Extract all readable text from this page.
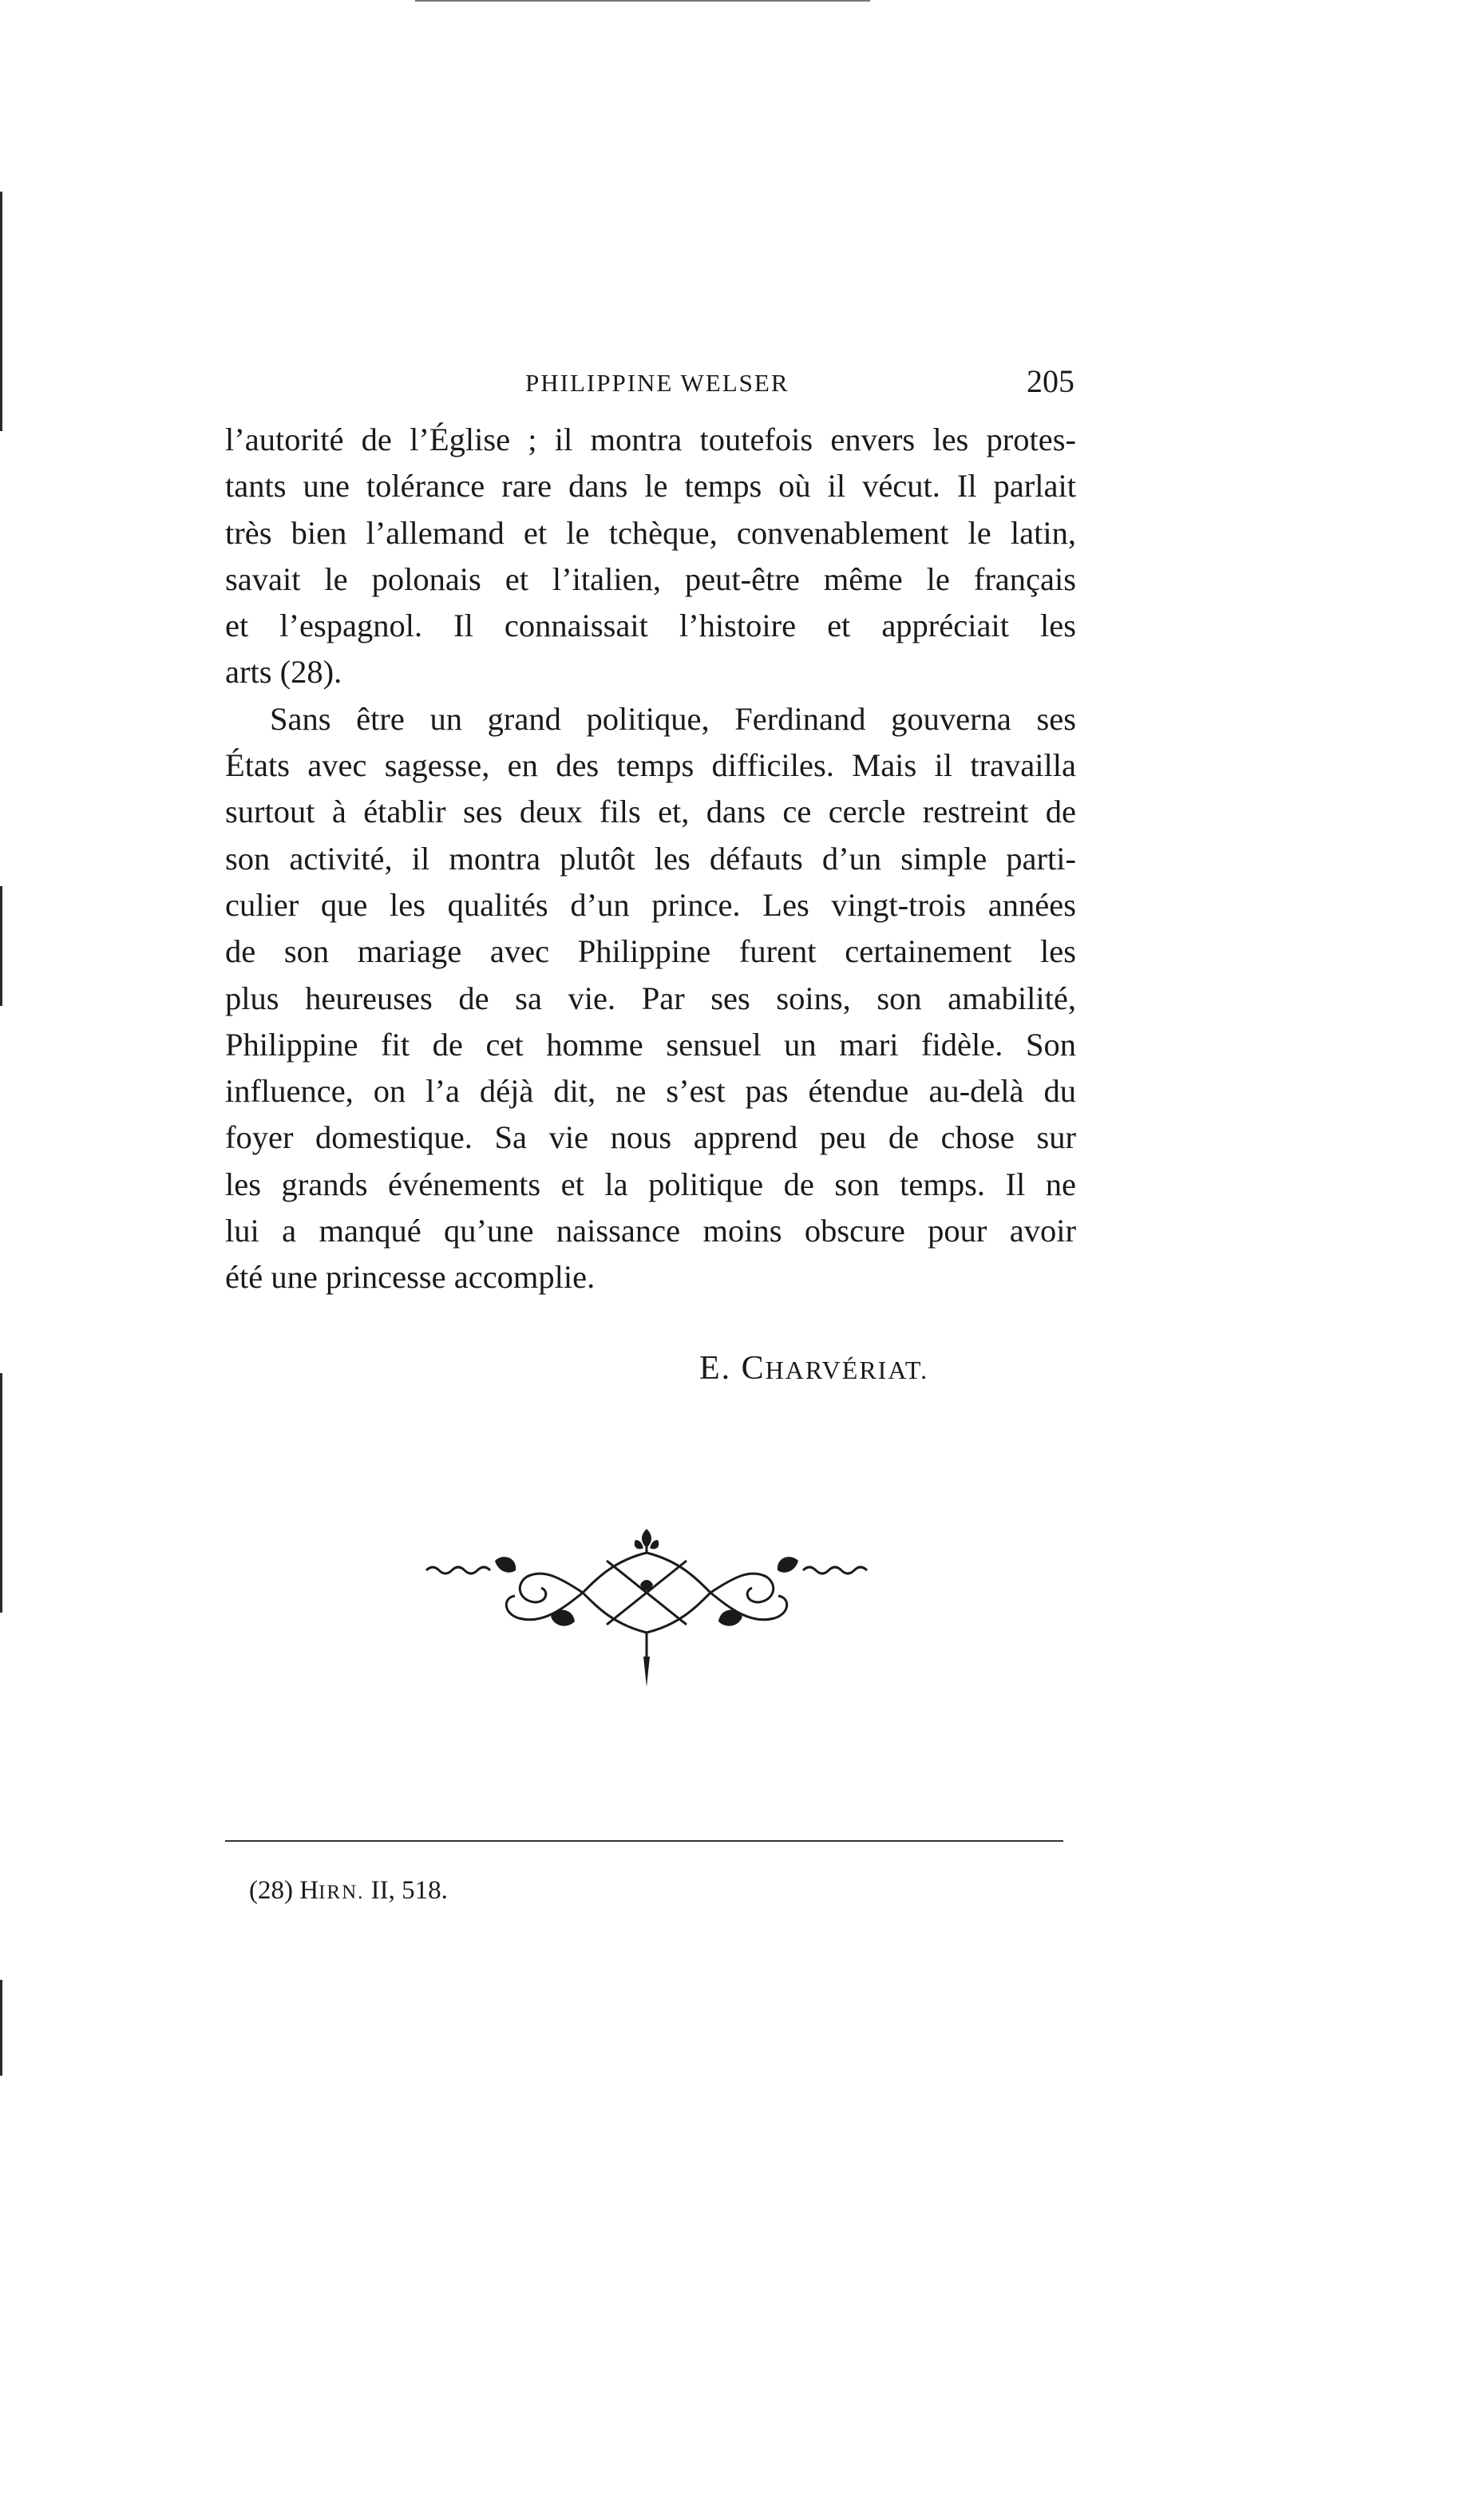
PHILIPPINE WELSER	205
l’autorité de l’Église ; il montra toutefois envers les protes-
tants une tolérance rare dans le temps où il vécut. Il parlait
très bien l’allemand et le tchèque, convenablement le latin,
savait le polonais et l’italien, peut-être même le français
et l’espagnol. Il connaissait l’histoire et appréciait les
arts (28).
Sans être un grand politique, Ferdinand gouverna ses
États avec sagesse, en des temps difficiles. Mais il travailla
surtout à établir ses deux fils et, dans ce cercle restreint de
son activité, il montra plutôt les défauts d’un simple parti-
culier que les qualités d’un prince. Les vingt-trois années
de son mariage avec Philippine furent certainement les
plus heureuses de sa vie. Par ses soins, son amabilité,
Philippine fit de cet homme sensuel un mari fidèle. Son
influence, on l’a déjà dit, ne s’est pas étendue au-delà du
foyer domestique. Sa vie nous apprend peu de chose sur
les grands événements et la politique de son temps. Il ne
lui a manqué qu’une naissance moins obscure pour avoir
été une princesse accomplie.
E. CHARVÉRIAT.
(28) HIRN. II, 518.
